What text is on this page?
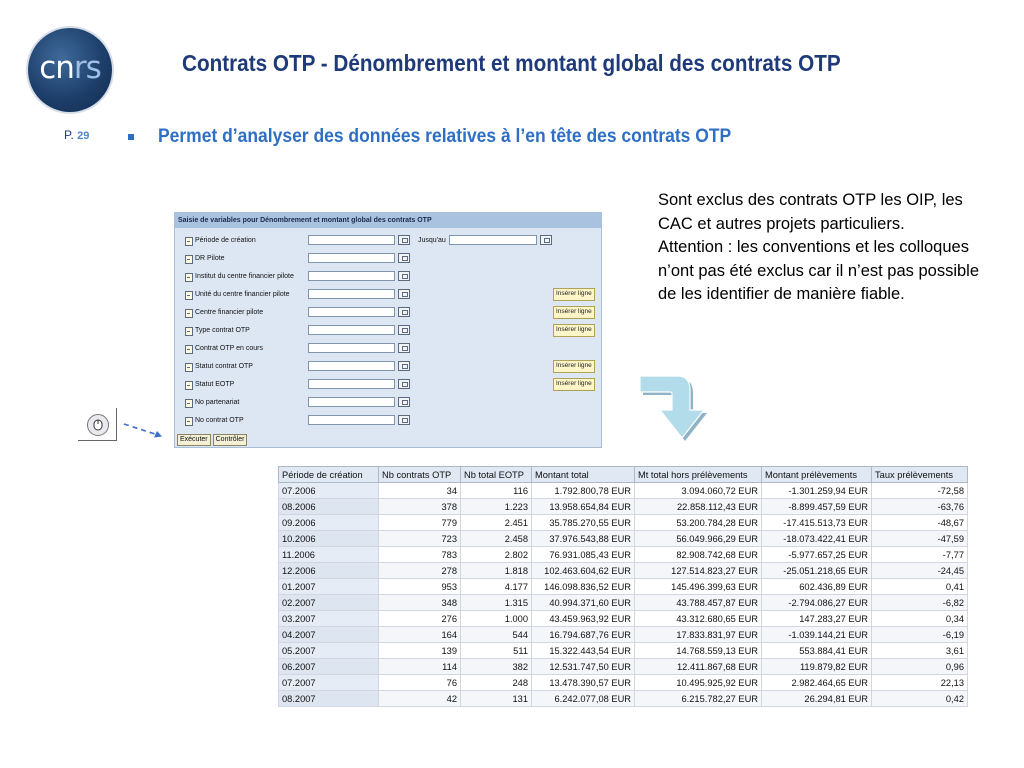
cnrs	Contrats OTP - Dénombrement et montant global des contrats OTP
P. 29	Permet d’analyser des données relatives à l’en tête des contrats OTP

Sont exclus des contrats OTP les OIP, les CAC et autres projets particuliers.

Attention : les conventions et les colloques n’ont pas été exclus car il n’est pas possible de les identifier de manière fiable.

Saisie de variables pour Dénombrement et montant global des contrats OTP
Période de création	Jusqu'au
DR Pilote
Institut du centre financier pilote
Unité du centre financier pilote	Insérer ligne
Centre financier pilote	Insérer ligne
Type contrat OTP	Insérer ligne
Contrat OTP en cours
Statut contrat OTP	Insérer ligne
Statut EOTP	Insérer ligne
No partenariat
No contrat OTP
Exécuter	Contrôler
Période de création	Nb contrats OTP	Nb total EOTP	Montant total	Mt total hors prélèvements	Montant prélèvements	Taux prélèvements
07.2006	34	116	1.792.800,78 EUR	3.094.060,72 EUR	-1.301.259,94 EUR	-72,58
08.2006	378	1.223	13.958.654,84 EUR	22.858.112,43 EUR	-8.899.457,59 EUR	-63,76
09.2006	779	2.451	35.785.270,55 EUR	53.200.784,28 EUR	-17.415.513,73 EUR	-48,67
10.2006	723	2.458	37.976.543,88 EUR	56.049.966,29 EUR	-18.073.422,41 EUR	-47,59
11.2006	783	2.802	76.931.085,43 EUR	82.908.742,68 EUR	-5.977.657,25 EUR	-7,77
12.2006	278	1.818	102.463.604,62 EUR	127.514.823,27 EUR	-25.051.218,65 EUR	-24,45
01.2007	953	4.177	146.098.836,52 EUR	145.496.399,63 EUR	602.436,89 EUR	0,41
02.2007	348	1.315	40.994.371,60 EUR	43.788.457,87 EUR	-2.794.086,27 EUR	-6,82
03.2007	276	1.000	43.459.963,92 EUR	43.312.680,65 EUR	147.283,27 EUR	0,34
04.2007	164	544	16.794.687,76 EUR	17.833.831,97 EUR	-1.039.144,21 EUR	-6,19
05.2007	139	511	15.322.443,54 EUR	14.768.559,13 EUR	553.884,41 EUR	3,61
06.2007	114	382	12.531.747,50 EUR	12.411.867,68 EUR	119.879,82 EUR	0,96
07.2007	76	248	13.478.390,57 EUR	10.495.925,92 EUR	2.982.464,65 EUR	22,13
08.2007	42	131	6.242.077,08 EUR	6.215.782,27 EUR	26.294,81 EUR	0,42
